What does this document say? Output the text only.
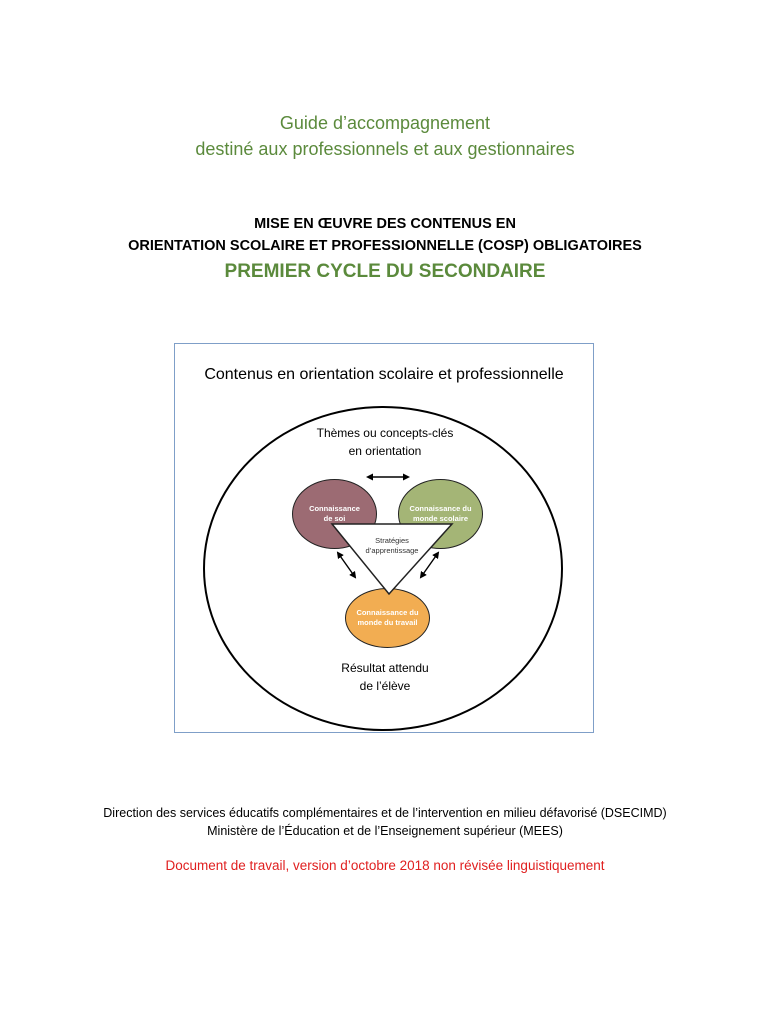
Guide d’accompagnement
destiné aux professionnels et aux gestionnaires
MISE EN ŒUVRE DES CONTENUS EN
ORIENTATION SCOLAIRE ET PROFESSIONNELLE (COSP) OBLIGATOIRES
PREMIER CYCLE DU SECONDAIRE
Contenus en orientation scolaire et professionnelle
Thèmes ou concepts-clés
en orientation
Connaissance
de soi
Connaissance du
monde scolaire
Connaissance du
monde du travail
Stratégies
d’apprentissage
Résultat attendu
de l’élève
Direction des services éducatifs complémentaires et de l’intervention en milieu défavorisé (DSECIMD)
Ministère de l’Éducation et de l’Enseignement supérieur (MEES)
Document de travail, version d’octobre 2018 non révisée linguistiquement
